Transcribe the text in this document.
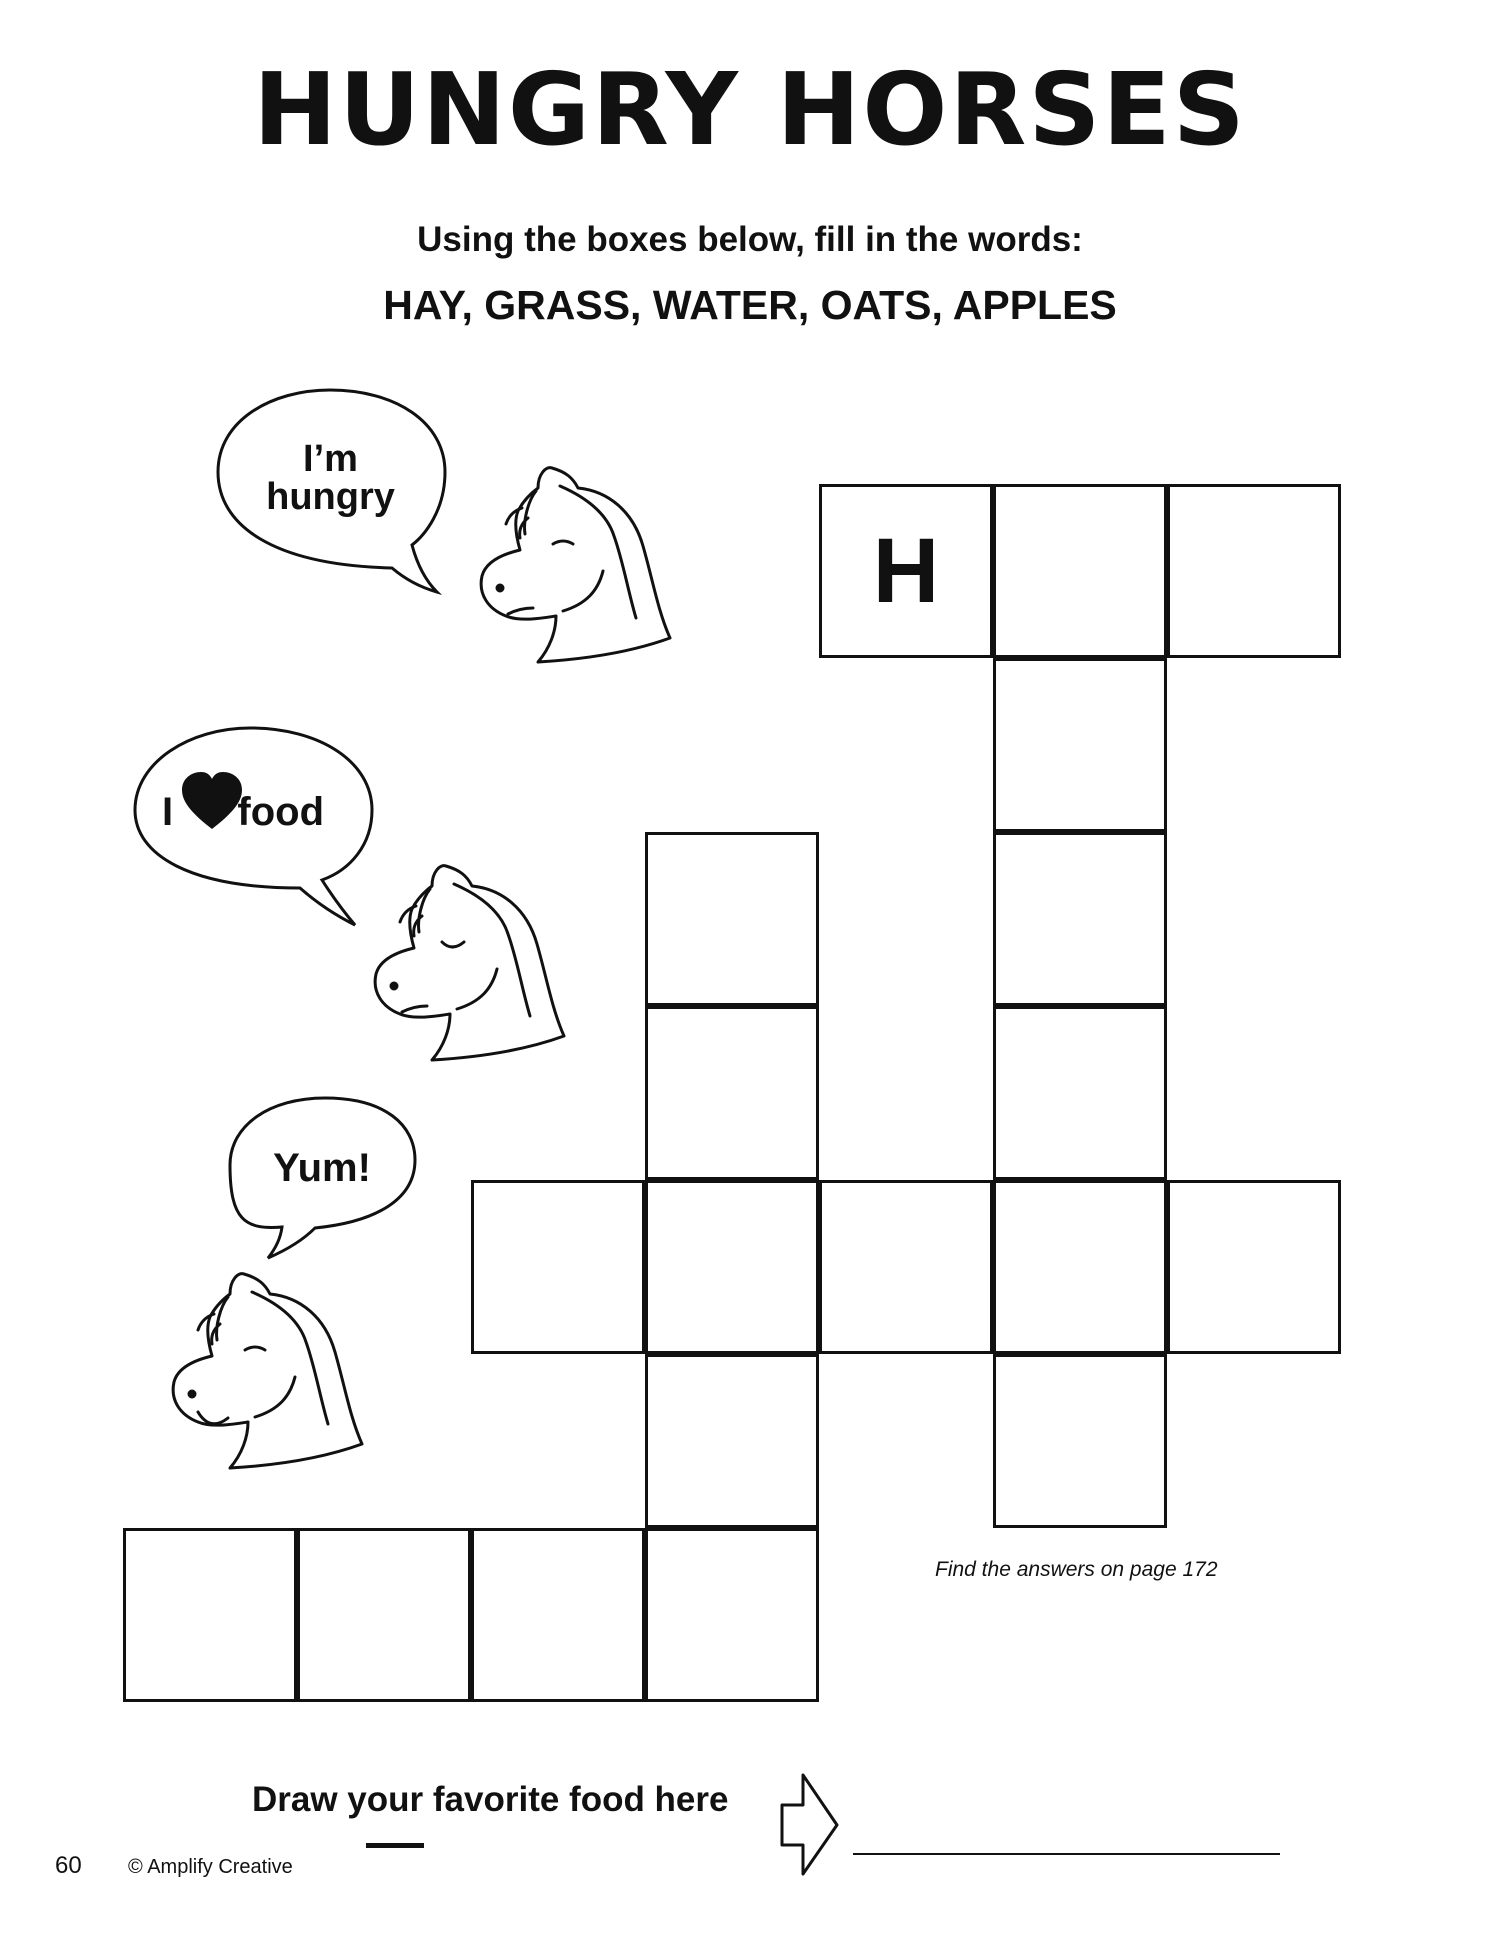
HUNGRY HORSES
Using the boxes below, fill in the words:
HAY, GRASS, WATER, OATS, APPLES
I’m
hungry
I food
Yum!
H
Find the answers on page 172
Draw your favorite food here
60 © Amplify Creative
